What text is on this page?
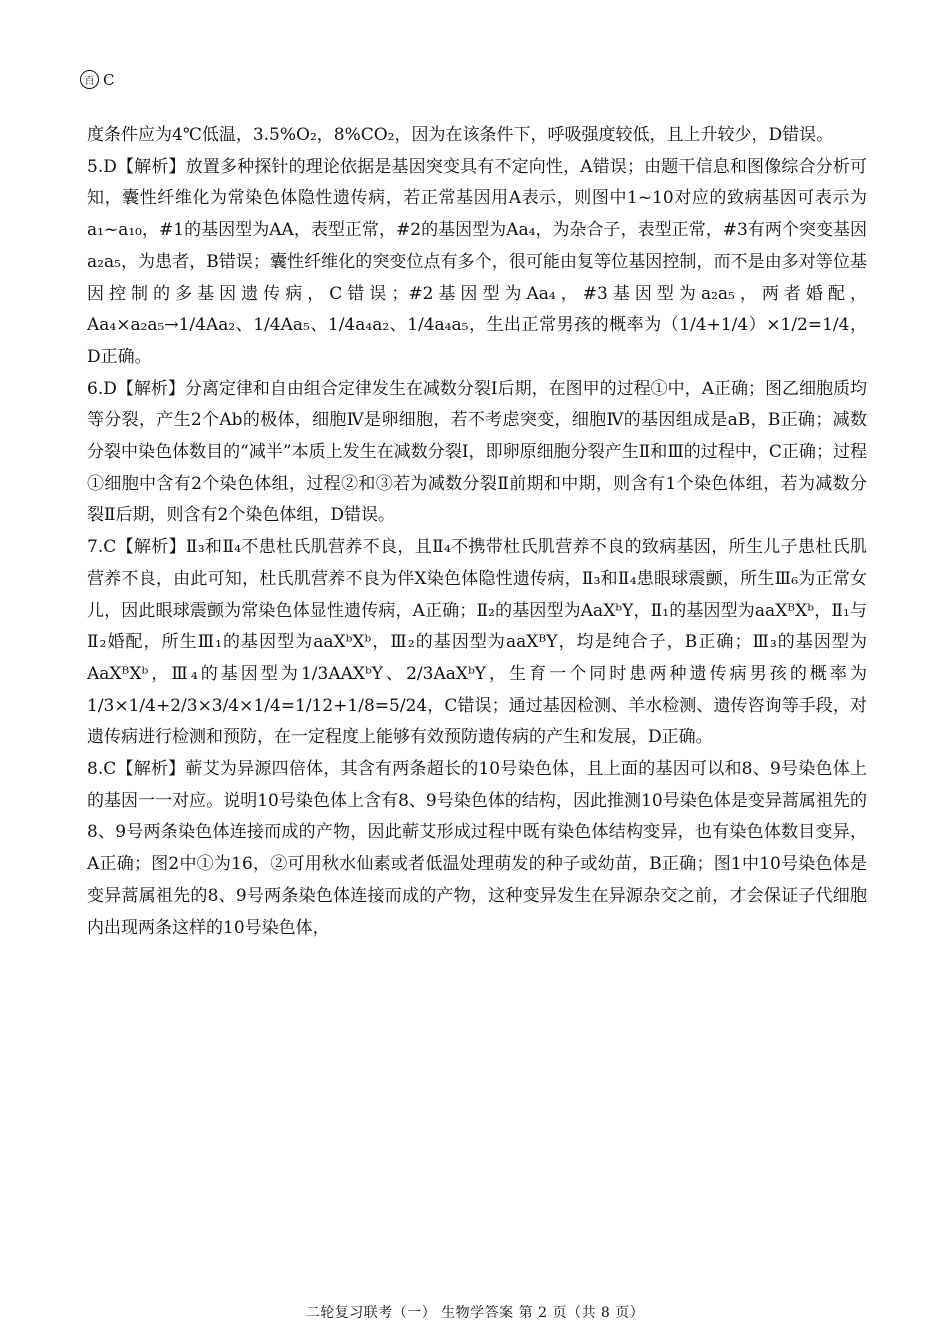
百 C

度条件应为4℃低温，3.5%O₂，8%CO₂，因为在该条件下，呼吸强度较低，且上升较少，D错误。

5.D【解析】放置多种探针的理论依据是基因突变具有不定向性，A错误；由题干信息和图像综合分析可知，囊性纤维化为常染色体隐性遗传病，若正常基因用A表示，则图中1~10对应的致病基因可表示为a₁~a₁₀，#1的基因型为AA，表型正常，#2的基因型为Aa₄，为杂合子，表型正常，#3有两个突变基因a₂a₅，为患者，B错误；囊性纤维化的突变位点有多个，很可能由复等位基因控制，而不是由多对等位基因控制的多基因遗传病，C错误；#2基因型为Aa₄，#3基因型为a₂a₅，两者婚配，Aa₄×a₂a₅→1/4Aa₂、1/4Aa₅、1/4a₄a₂、1/4a₄a₅，生出正常男孩的概率为（1/4+1/4）×1/2=1/4，D正确。

6.D【解析】分离定律和自由组合定律发生在减数分裂Ⅰ后期，在图甲的过程①中，A正确；图乙细胞质均等分裂，产生2个Ab的极体，细胞Ⅳ是卵细胞，若不考虑突变，细胞Ⅳ的基因组成是aB，B正确；减数分裂中染色体数目的“减半”本质上发生在减数分裂Ⅰ，即卵原细胞分裂产生Ⅱ和Ⅲ的过程中，C正确；过程①细胞中含有2个染色体组，过程②和③若为减数分裂Ⅱ前期和中期，则含有1个染色体组，若为减数分裂Ⅱ后期，则含有2个染色体组，D错误。

7.C【解析】Ⅱ₃和Ⅱ₄不患杜氏肌营养不良，且Ⅱ₄不携带杜氏肌营养不良的致病基因，所生儿子患杜氏肌营养不良，由此可知，杜氏肌营养不良为伴X染色体隐性遗传病，Ⅱ₃和Ⅱ₄患眼球震颤，所生Ⅲ₆为正常女儿，因此眼球震颤为常染色体显性遗传病，A正确；Ⅱ₂的基因型为AaXᵇY，Ⅱ₁的基因型为aaXᴮXᵇ，Ⅱ₁与Ⅱ₂婚配，所生Ⅲ₁的基因型为aaXᵇXᵇ，Ⅲ₂的基因型为aaXᴮY，均是纯合子，B正确；Ⅲ₃的基因型为AaXᴮXᵇ，Ⅲ₄的基因型为1/3AAXᵇY、2/3AaXᵇY，生育一个同时患两种遗传病男孩的概率为1/3×1/4+2/3×3/4×1/4=1/12+1/8=5/24，C错误；通过基因检测、羊水检测、遗传咨询等手段，对遗传病进行检测和预防，在一定程度上能够有效预防遗传病的产生和发展，D正确。

8.C【解析】蕲艾为异源四倍体，其含有两条超长的10号染色体，且上面的基因可以和8、9号染色体上的基因一一对应。说明10号染色体上含有8、9号染色体的结构，因此推测10号染色体是变异蒿属祖先的8、9号两条染色体连接而成的产物，因此蕲艾形成过程中既有染色体结构变异，也有染色体数目变异，A正确；图2中①为16，②可用秋水仙素或者低温处理萌发的种子或幼苗，B正确；图1中10号染色体是变异蒿属祖先的8、9号两条染色体连接而成的产物，这种变异发生在异源杂交之前，才会保证子代细胞内出现两条这样的10号染色体，

二轮复习联考（一） 生物学答案 第 2 页（共 8 页）
